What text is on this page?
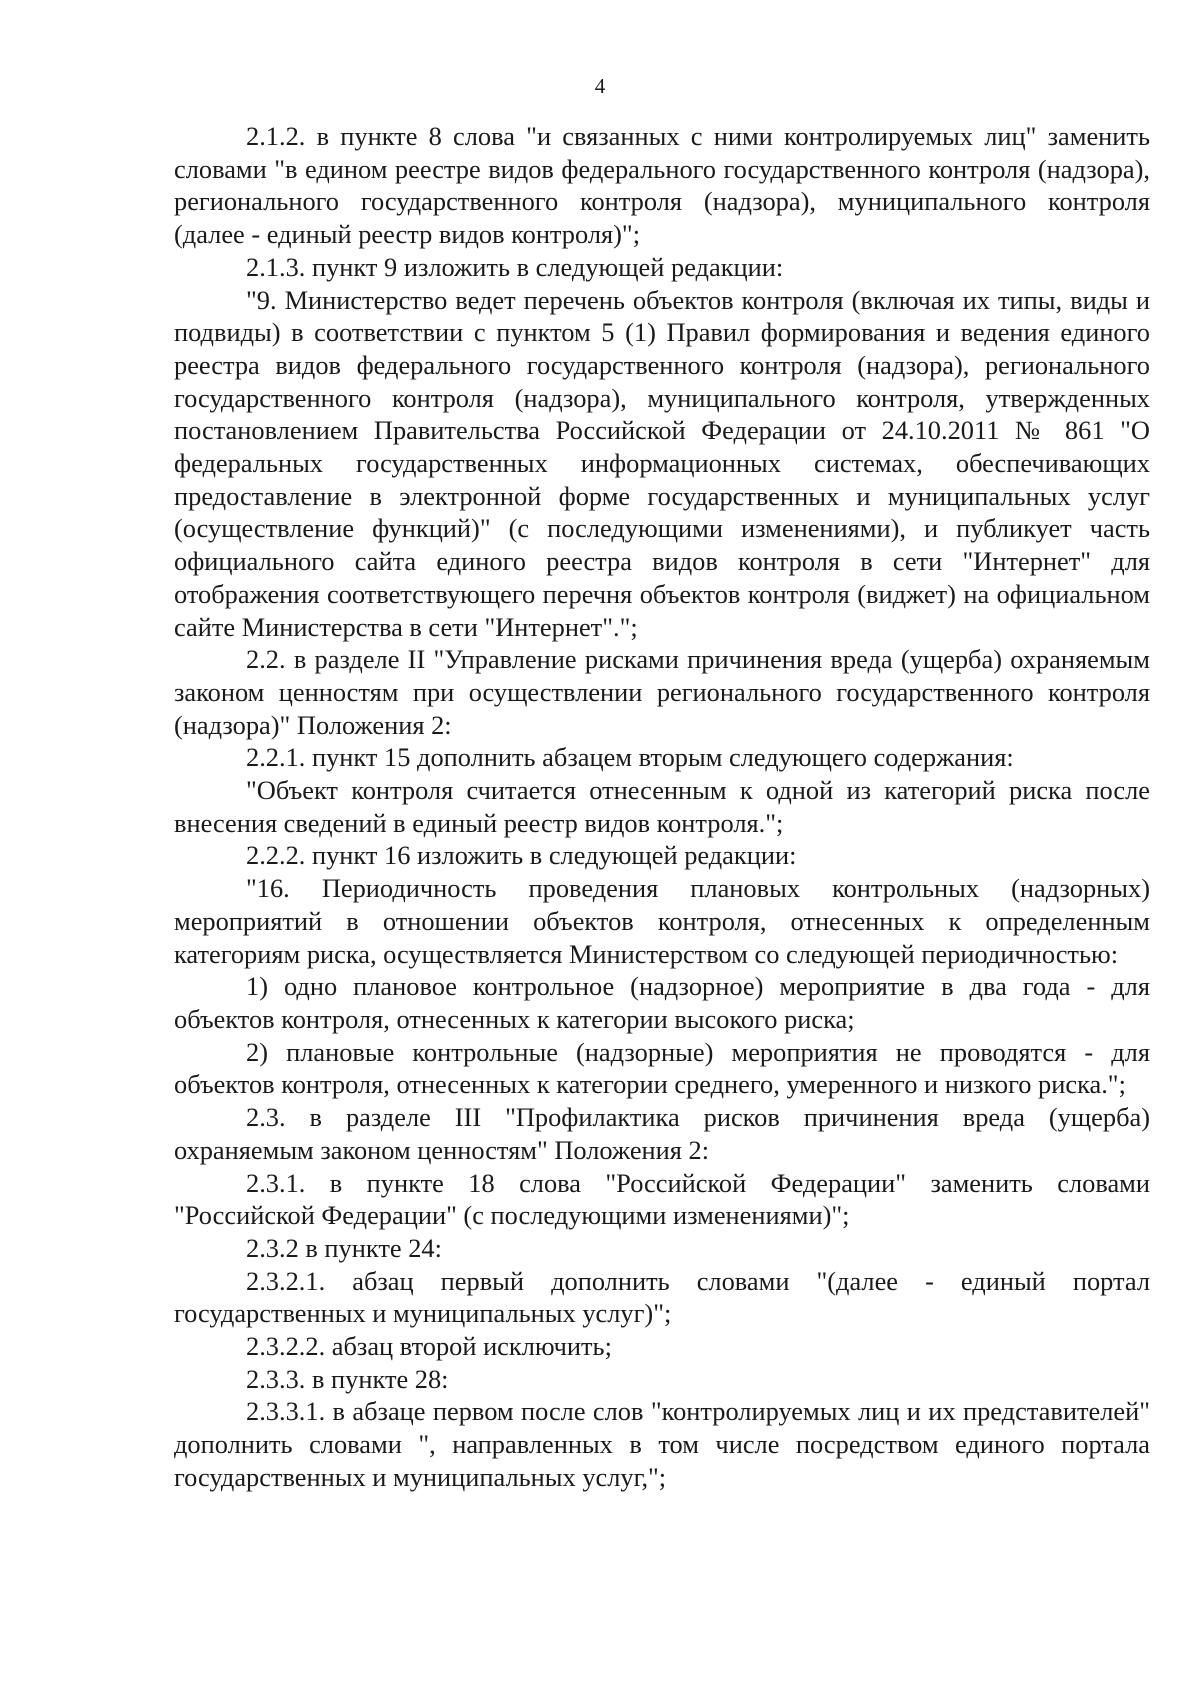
4

2.1.2. в пункте 8 слова "и связанных с ними контролируемых лиц" заменить словами "в едином реестре видов федерального государственного контроля (надзора), регионального государственного контроля (надзора), муниципального контроля (далее - единый реестр видов контроля)";

2.1.3. пункт 9 изложить в следующей редакции:

"9. Министерство ведет перечень объектов контроля (включая их типы, виды и подвиды) в соответствии с пунктом 5 (1) Правил формирования и ведения единого реестра видов федерального государственного контроля (надзора), регионального государственного контроля (надзора), муниципального контроля, утвержденных постановлением Правительства Российской Федерации от 24.10.2011 № 861 "О федеральных государственных информационных системах, обеспечивающих предоставление в электронной форме государственных и муниципальных услуг (осуществление функций)" (с последующими изменениями), и публикует часть официального сайта единого реестра видов контроля в сети "Интернет" для отображения соответствующего перечня объектов контроля (виджет) на официальном сайте Министерства в сети "Интернет".";

2.2. в разделе II "Управление рисками причинения вреда (ущерба) охраняемым законом ценностям при осуществлении регионального государственного контроля (надзора)" Положения 2:

2.2.1. пункт 15 дополнить абзацем вторым следующего содержания:

"Объект контроля считается отнесенным к одной из категорий риска после внесения сведений в единый реестр видов контроля.";

2.2.2. пункт 16 изложить в следующей редакции:

"16. Периодичность проведения плановых контрольных (надзорных) мероприятий в отношении объектов контроля, отнесенных к определенным категориям риска, осуществляется Министерством со следующей периодичностью:

1) одно плановое контрольное (надзорное) мероприятие в два года - для объектов контроля, отнесенных к категории высокого риска;

2) плановые контрольные (надзорные) мероприятия не проводятся - для объектов контроля, отнесенных к категории среднего, умеренного и низкого риска.";

2.3. в разделе III "Профилактика рисков причинения вреда (ущерба) охраняемым законом ценностям" Положения 2:

2.3.1. в пункте 18 слова "Российской Федерации" заменить словами "Российской Федерации" (с последующими изменениями)";

2.3.2 в пункте 24:

2.3.2.1. абзац первый дополнить словами "(далее - единый портал государственных и муниципальных услуг)";

2.3.2.2. абзац второй исключить;

2.3.3. в пункте 28:

2.3.3.1. в абзаце первом после слов "контролируемых лиц и их представителей" дополнить словами ", направленных в том числе посредством единого портала государственных и муниципальных услуг,";
